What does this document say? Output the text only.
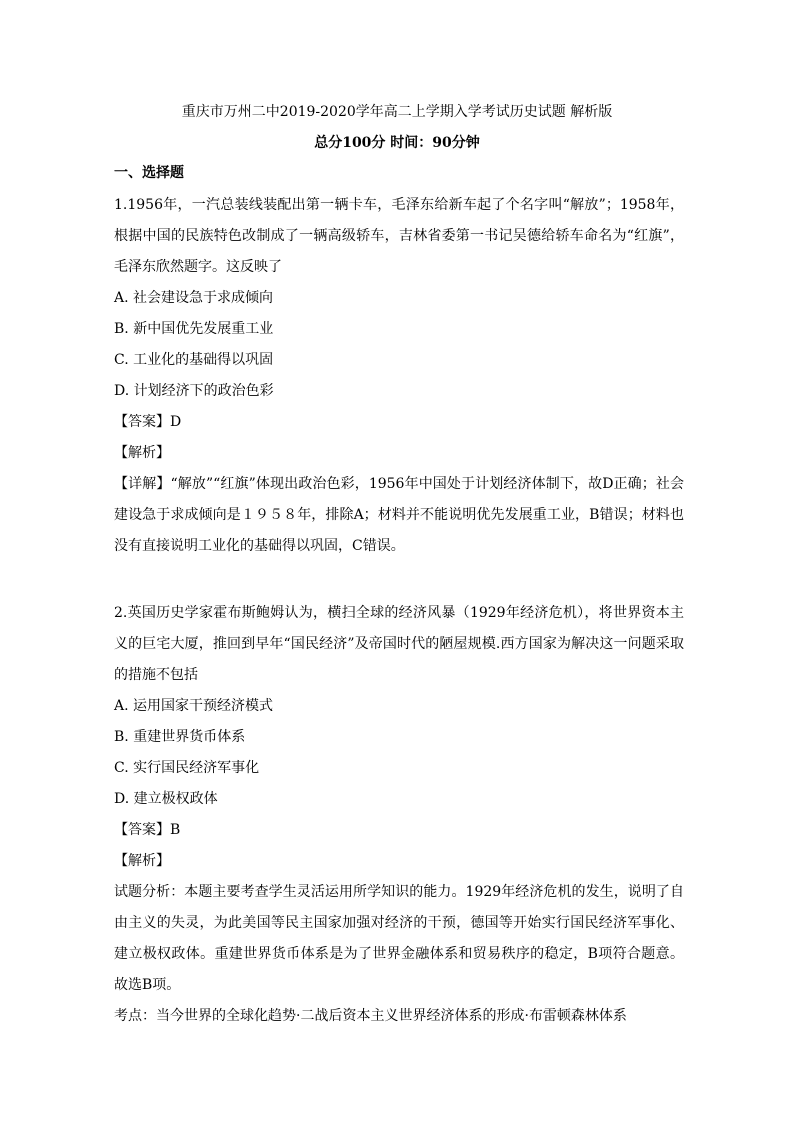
重庆市万州二中2019-2020学年高二上学期入学考试历史试题 解析版
总分100分 时间：90分钟
一、选择题

1.1956年，一汽总装线装配出第一辆卡车，毛泽东给新车起了个名字叫“解放”；1958年，根据中国的民族特色改制成了一辆高级轿车，吉林省委第一书记吴德给轿车命名为“红旗”，毛泽东欣然题字。这反映了

A. 社会建设急于求成倾向
B. 新中国优先发展重工业
C. 工业化的基础得以巩固
D. 计划经济下的政治色彩
【答案】D
【解析】

【详解】“解放”“红旗”体现出政治色彩，1956年中国处于计划经济体制下，故D正确；社会建设急于求成倾向是１９５８年，排除A；材料并不能说明优先发展重工业，B错误；材料也没有直接说明工业化的基础得以巩固，C错误。

2.英国历史学家霍布斯鲍姆认为，横扫全球的经济风暴（1929年经济危机），将世界资本主义的巨宅大厦，推回到早年“国民经济”及帝国时代的陋屋规模.西方国家为解决这一问题采取的措施不包括

A. 运用国家干预经济模式
B. 重建世界货币体系
C. 实行国民经济军事化
D. 建立极权政体
【答案】B
【解析】

试题分析：本题主要考查学生灵活运用所学知识的能力。1929年经济危机的发生，说明了自由主义的失灵，为此美国等民主国家加强对经济的干预，德国等开始实行国民经济军事化、建立极权政体。重建世界货币体系是为了世界金融体系和贸易秩序的稳定，B项符合题意。故选B项。

考点：当今世界的全球化趋势·二战后资本主义世界经济体系的形成·布雷顿森林体系
